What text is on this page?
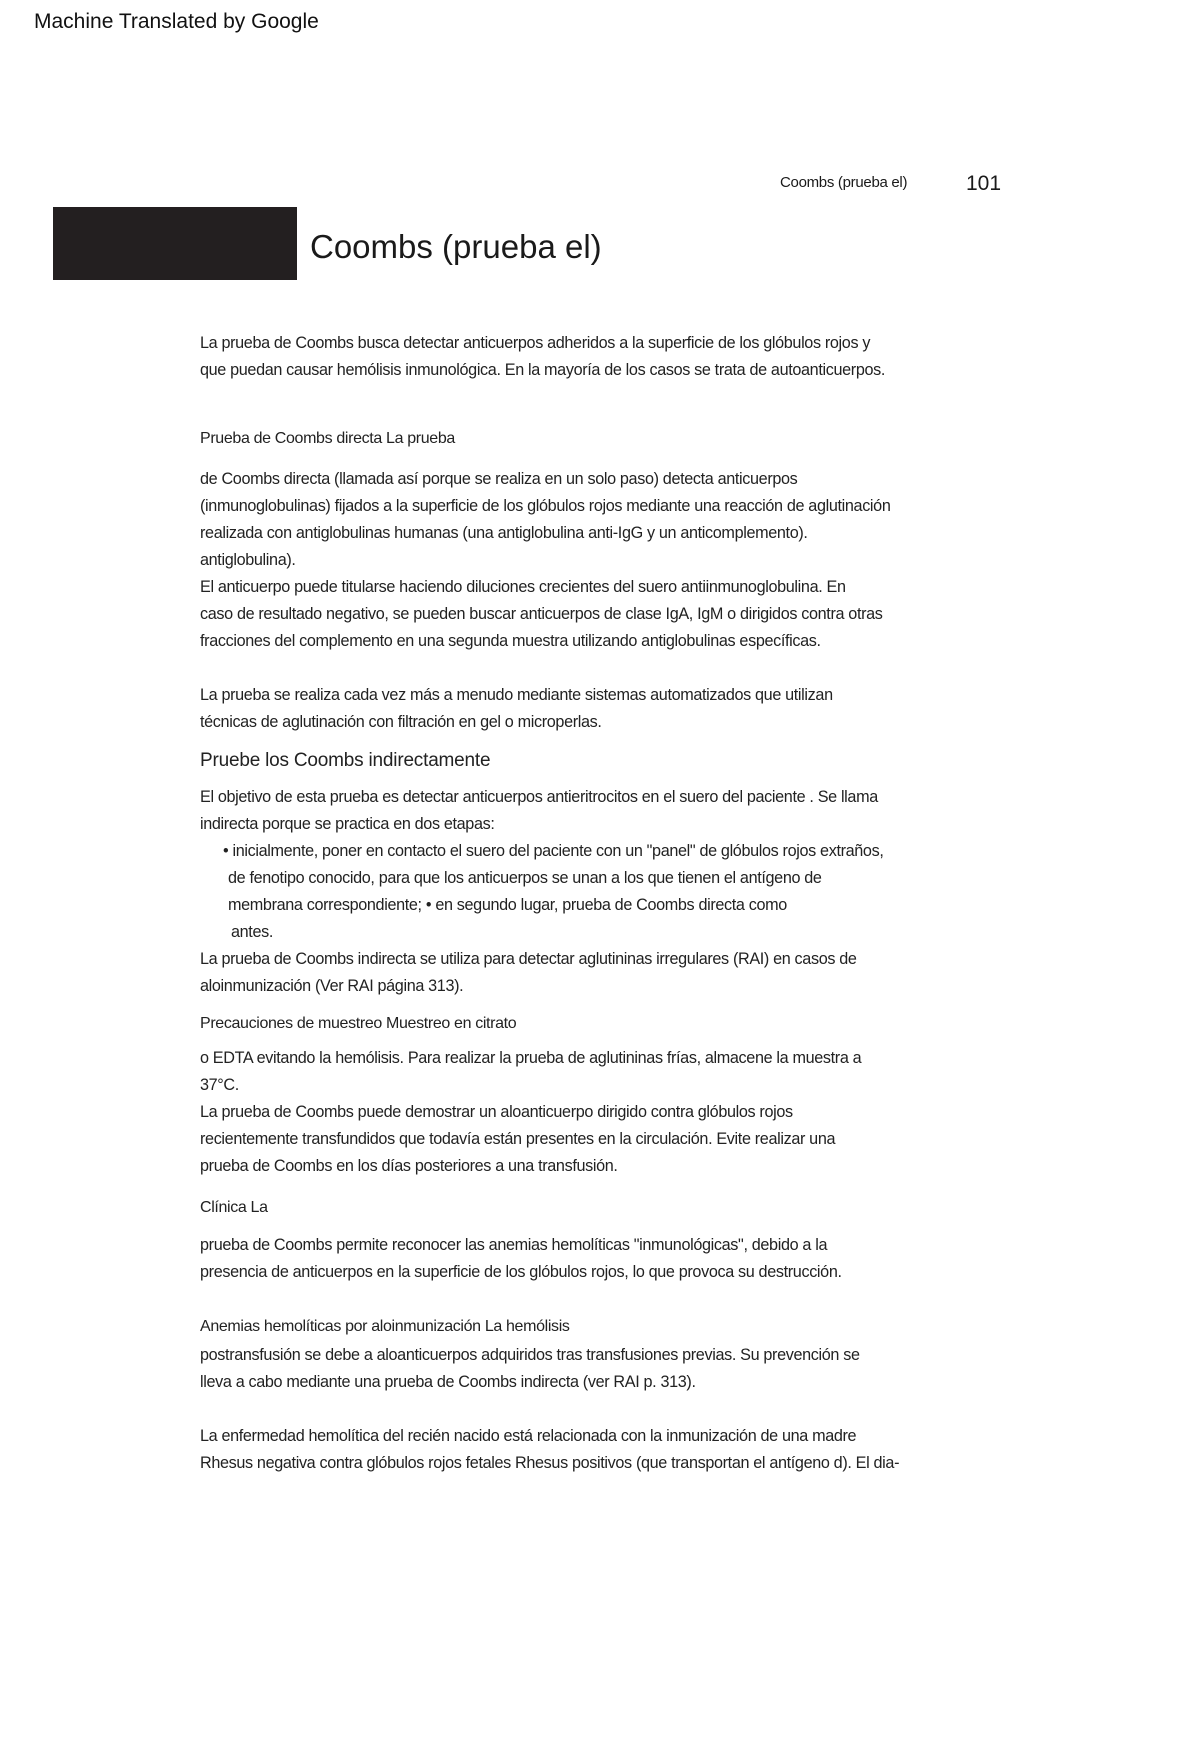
Machine Translated by Google
Coombs (prueba el)	101
Coombs (prueba el)

La prueba de Coombs busca detectar anticuerpos adheridos a la superficie de los glóbulos rojos y

que puedan causar hemólisis inmunológica. En la mayoría de los casos se trata de autoanticuerpos.

Prueba de Coombs directa La prueba

de Coombs directa (llamada así porque se realiza en un solo paso) detecta anticuerpos

(inmunoglobulinas) fijados a la superficie de los glóbulos rojos mediante una reacción de aglutinación

realizada con antiglobulinas humanas (una antiglobulina anti-IgG y un anticomplemento).

antiglobulina).

El anticuerpo puede titularse haciendo diluciones crecientes del suero antiinmunoglobulina. En

caso de resultado negativo, se pueden buscar anticuerpos de clase IgA, IgM o dirigidos contra otras

fracciones del complemento en una segunda muestra utilizando antiglobulinas específicas.

La prueba se realiza cada vez más a menudo mediante sistemas automatizados que utilizan

técnicas de aglutinación con filtración en gel o microperlas.

Pruebe los Coombs indirectamente

El objetivo de esta prueba es detectar anticuerpos antieritrocitos en el suero del paciente . Se llama

indirecta porque se practica en dos etapas:

• inicialmente, poner en contacto el suero del paciente con un "panel" de glóbulos rojos extraños,

de fenotipo conocido, para que los anticuerpos se unan a los que tienen el antígeno de

membrana correspondiente; • en segundo lugar, prueba de Coombs directa como

antes.

La prueba de Coombs indirecta se utiliza para detectar aglutininas irregulares (RAI) en casos de

aloinmunización (Ver RAI página 313).

Precauciones de muestreo Muestreo en citrato

o EDTA evitando la hemólisis. Para realizar la prueba de aglutininas frías, almacene la muestra a

37°C.

La prueba de Coombs puede demostrar un aloanticuerpo dirigido contra glóbulos rojos

recientemente transfundidos que todavía están presentes en la circulación. Evite realizar una

prueba de Coombs en los días posteriores a una transfusión.

Clínica La

prueba de Coombs permite reconocer las anemias hemolíticas "inmunológicas", debido a la

presencia de anticuerpos en la superficie de los glóbulos rojos, lo que provoca su destrucción.

Anemias hemolíticas por aloinmunización La hemólisis

postransfusión se debe a aloanticuerpos adquiridos tras transfusiones previas. Su prevención se

lleva a cabo mediante una prueba de Coombs indirecta (ver RAI p. 313).

La enfermedad hemolítica del recién nacido está relacionada con la inmunización de una madre

Rhesus negativa contra glóbulos rojos fetales Rhesus positivos (que transportan el antígeno d). El dia-
